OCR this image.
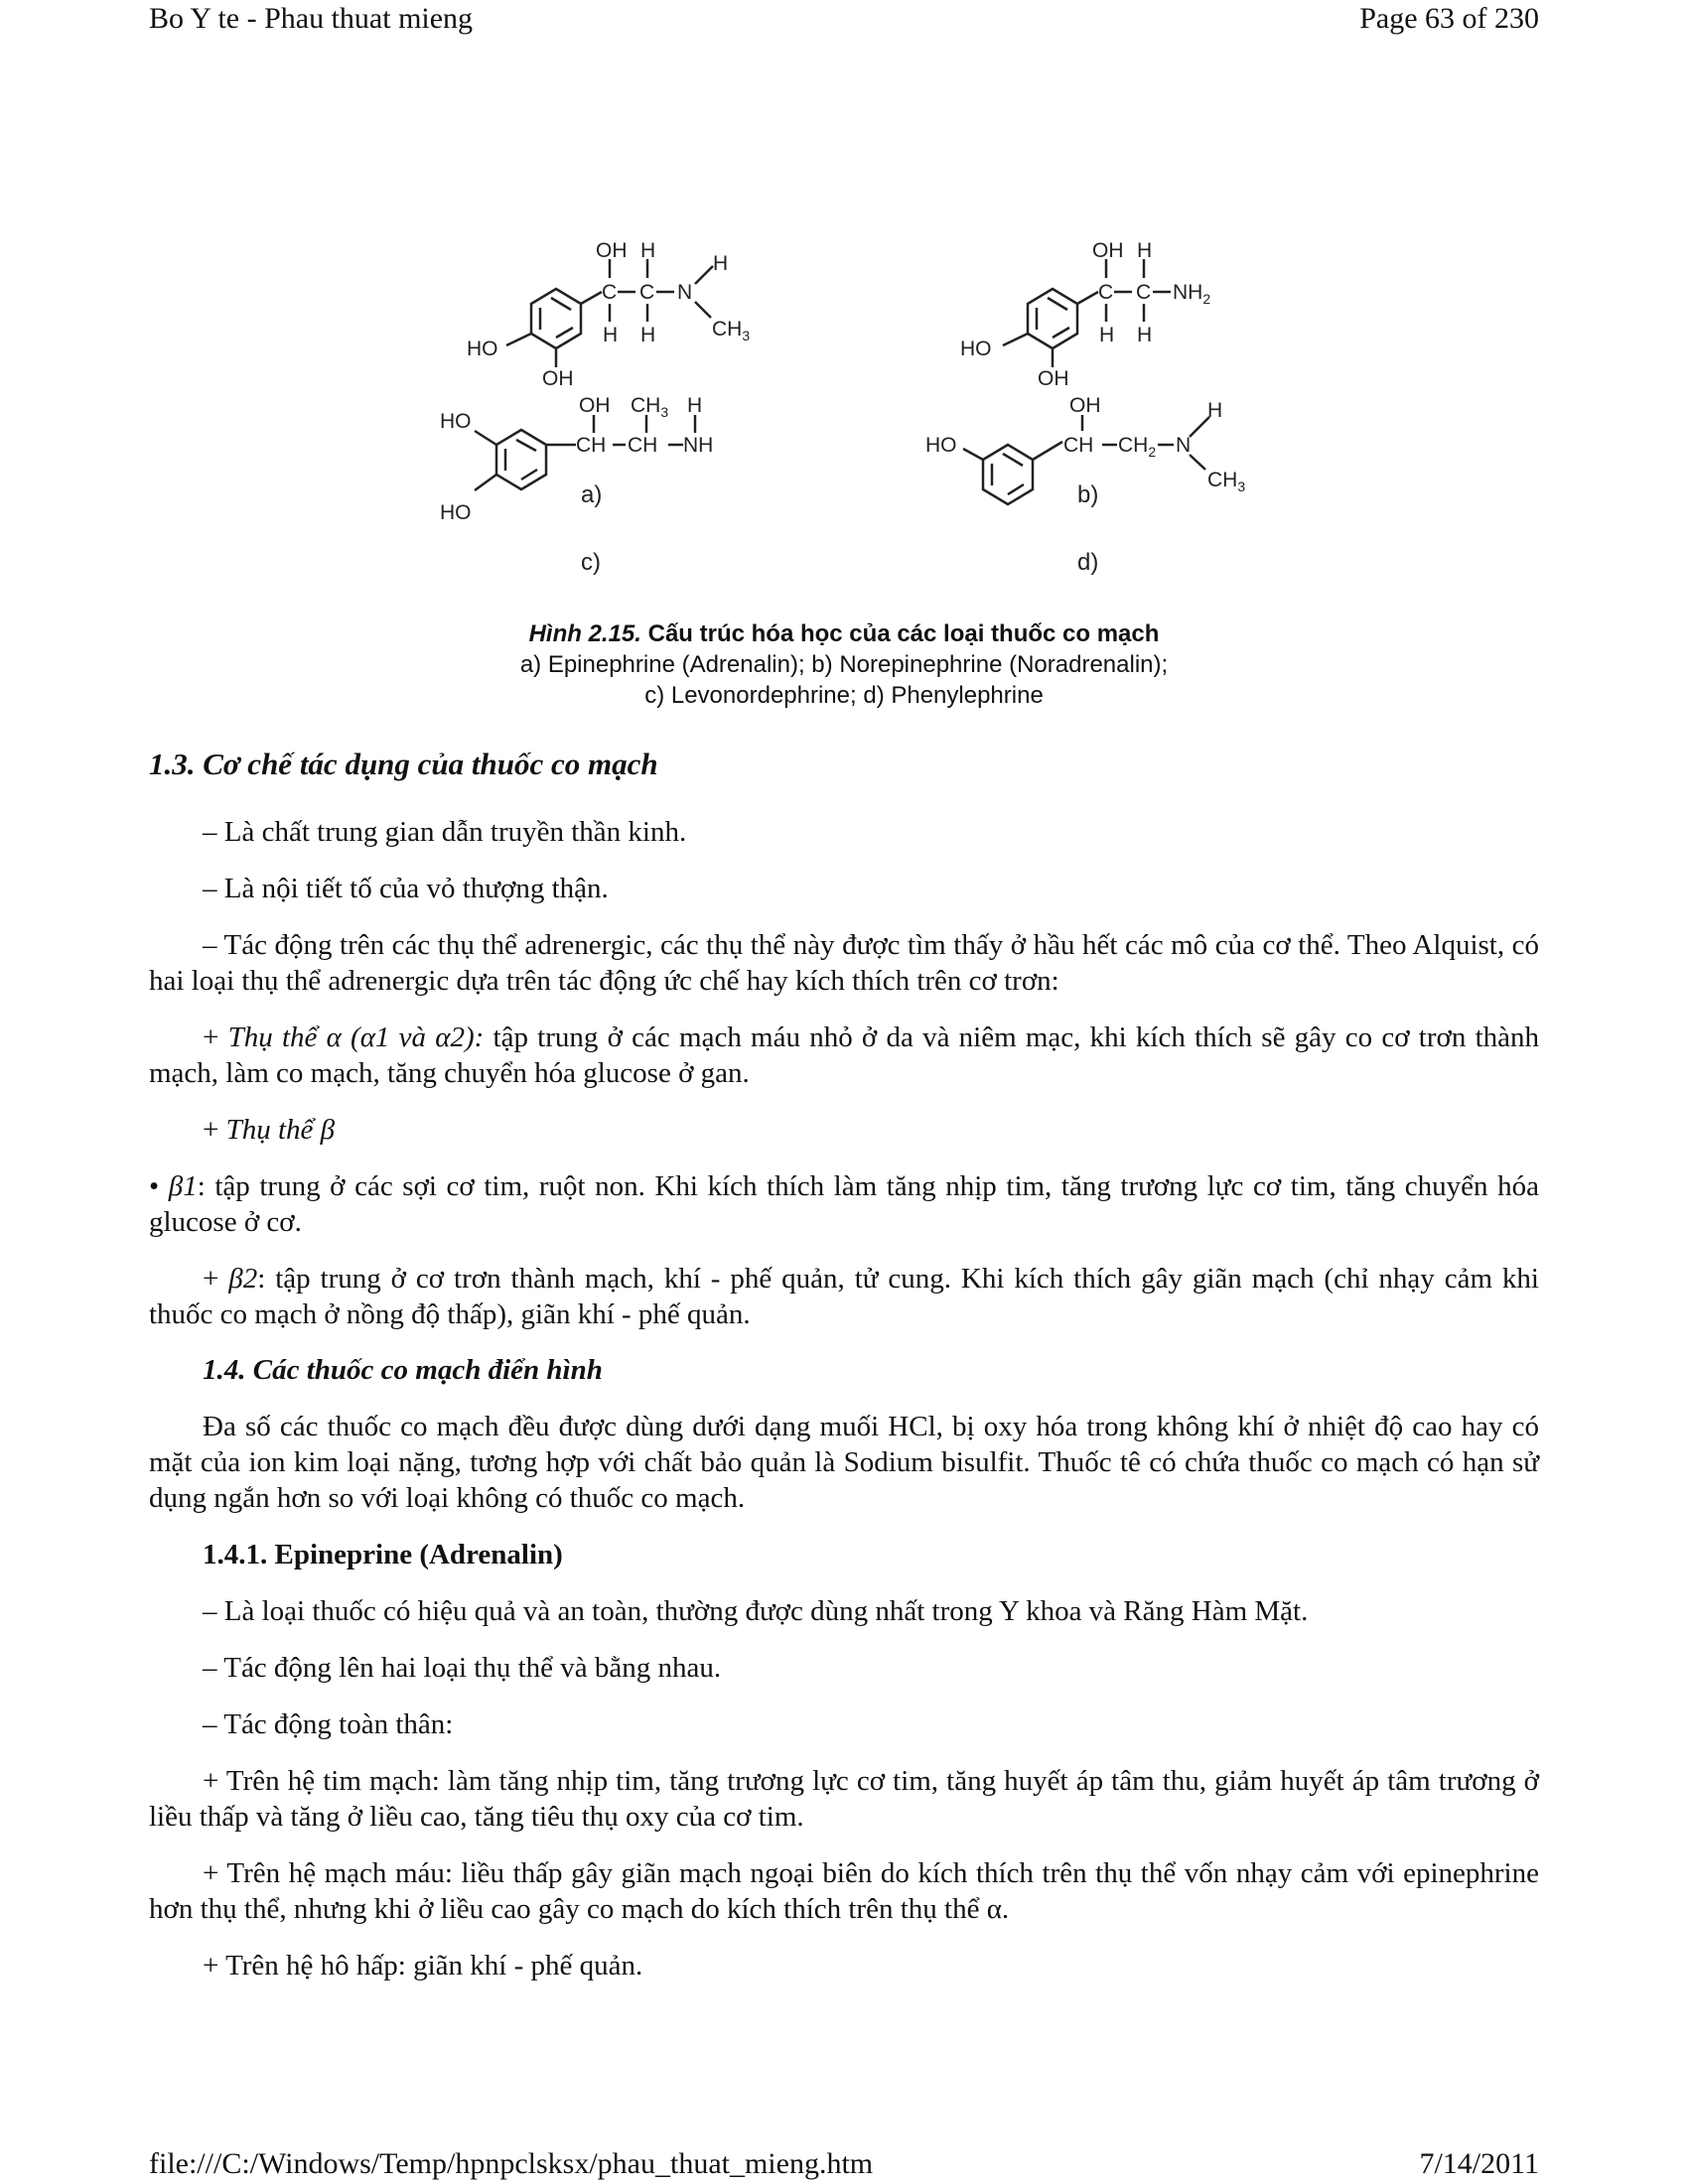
Bo Y te - Phau thuat mieng	Page 63 of 230
C C N
OH H
H H
H
$CH_3$
HO
OH
a)
C C $NH_2$
OH H
H H
HO
OH
b)
CH CH NH
OH $CH_3$ H
HO
HO
c)
CH $CH_2$ N
OH	H
$CH_3$
HO
d)
Hình 2.15. Cấu trúc hóa học của các loại thuốc co mạch
a) Epinephrine (Adrenalin); b) Norepinephrine (Noradrenalin);
c) Levonordephrine; d) Phenylephrine

1.3. Cơ chế tác dụng của thuốc co mạch

– Là chất trung gian dẫn truyền thần kinh.

– Là nội tiết tố của vỏ thượng thận.

– Tác động trên các thụ thể adrenergic, các thụ thể này được tìm thấy ở hầu hết các mô của cơ thể. Theo Alquist, có hai loại thụ thể adrenergic dựa trên tác động ức chế hay kích thích trên cơ trơn:

+ Thụ thể α (α1 và α2): tập trung ở các mạch máu nhỏ ở da và niêm mạc, khi kích thích sẽ gây co cơ trơn thành mạch, làm co mạch, tăng chuyển hóa glucose ở gan.

+ Thụ thể β

• β1: tập trung ở các sợi cơ tim, ruột non. Khi kích thích làm tăng nhịp tim, tăng trương lực cơ tim, tăng chuyển hóa glucose ở cơ.

+ β2: tập trung ở cơ trơn thành mạch, khí - phế quản, tử cung. Khi kích thích gây giãn mạch (chỉ nhạy cảm khi thuốc co mạch ở nồng độ thấp), giãn khí - phế quản.

1.4. Các thuốc co mạch điển hình

Đa số các thuốc co mạch đều được dùng dưới dạng muối HCl, bị oxy hóa trong không khí ở nhiệt độ cao hay có mặt của ion kim loại nặng, tương hợp với chất bảo quản là Sodium bisulfit. Thuốc tê có chứa thuốc co mạch có hạn sử dụng ngắn hơn so với loại không có thuốc co mạch.

1.4.1. Epineprine (Adrenalin)

– Là loại thuốc có hiệu quả và an toàn, thường được dùng nhất trong Y khoa và Răng Hàm Mặt.

– Tác động lên hai loại thụ thể và bằng nhau.

– Tác động toàn thân:

+ Trên hệ tim mạch: làm tăng nhịp tim, tăng trương lực cơ tim, tăng huyết áp tâm thu, giảm huyết áp tâm trương ở liều thấp và tăng ở liều cao, tăng tiêu thụ oxy của cơ tim.

+ Trên hệ mạch máu: liều thấp gây giãn mạch ngoại biên do kích thích trên thụ thể vốn nhạy cảm với epinephrine hơn thụ thể, nhưng khi ở liều cao gây co mạch do kích thích trên thụ thể α.

+ Trên hệ hô hấp: giãn khí - phế quản.

file:///C:/Windows/Temp/hpnpclsksx/phau_thuat_mieng.htm	7/14/2011
